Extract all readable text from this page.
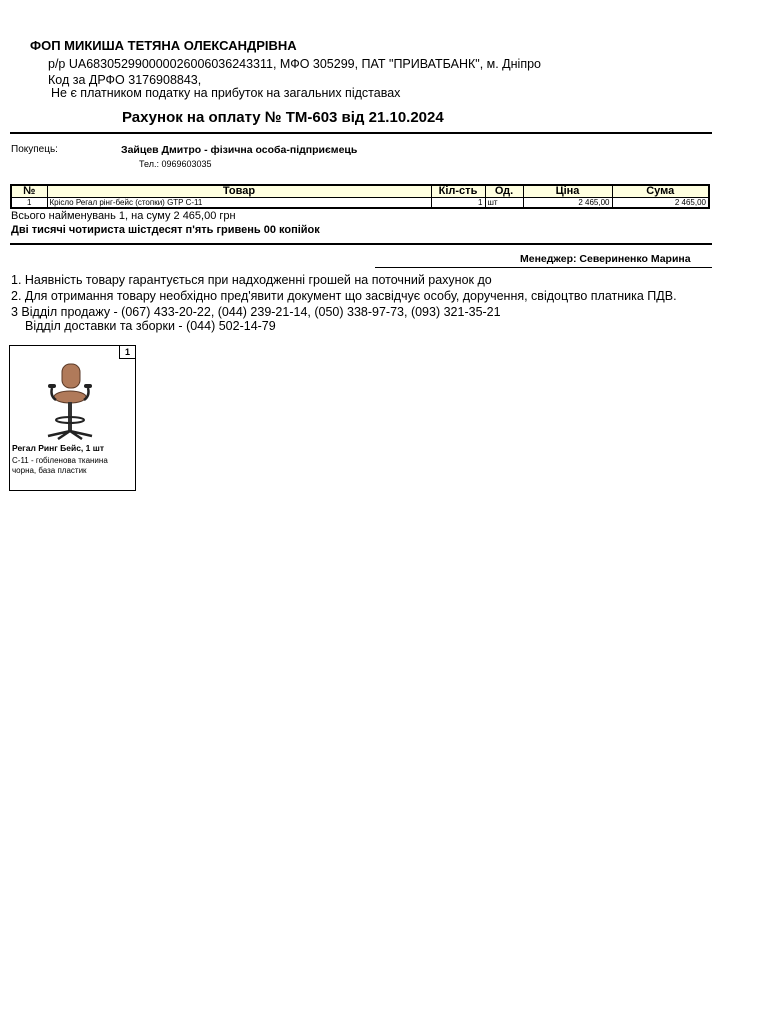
ФОП МИКИША ТЕТЯНА ОЛЕКСАНДРІВНА
р/р UA683052990000026006036243311, МФО 305299, ПАТ "ПРИВАТБАНК", м. Дніпро
Код за ДРФО 3176908843,
Не є платником податку на прибуток на загальних підставах
Рахунок на оплату № ТМ-603 від 21.10.2024
Покупець:	Зайцев Дмитро - фізична особа-підприємець
Тел.: 0969603035
№	Товар	Кіл-сть	Од.	Ціна	Сума
1	Крісло Регал рінг-бейс (стопки) GTP C-11	1	шт	2 465,00	2 465,00
Всього найменувань 1, на суму 2 465,00 грн
Дві тисячі чотириста шістдесят п'ять гривень 00 копійок
Менеджер: Севериненко Марина
1. Наявність товару гарантується при надходженні грошей на поточний рахунок до
2. Для отримання товару необхідно пред'явити документ що засвідчує особу, доручення, свідоцтво платника ПДВ.
3 Відділ продажу - (067) 433-20-22, (044) 239-21-14, (050) 338-97-73, (093) 321-35-21
Відділ доставки та зборки - (044) 502-14-79
1
Регал Ринг Бейс, 1 шт
С-11 - гобіленова тканина чорна, база пластик
